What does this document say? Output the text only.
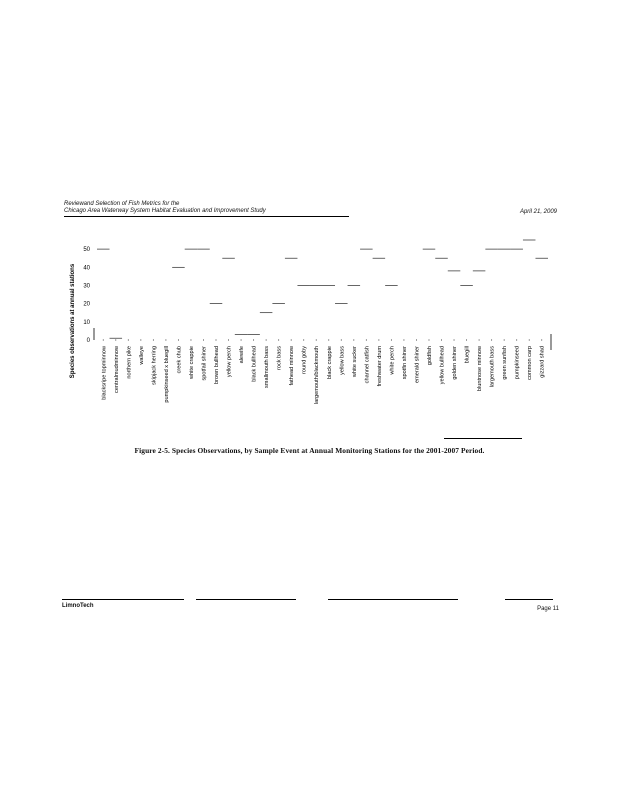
Reviewand Selection of Fish Metrics for the
Chicago Area Waterway System Habitat Evaluation and Improvement Study	April 21, 2009
0
10
20
30
40
50
Species observations at annual stations	blacksripe topminnow centralmudminnow northern pike walleye skipjack herring pumpkinseed x bluegill creek chub white crappie spotfail shiner brown bullhead yellow perch alewife black bullhead smallmouth bass rock bass fathead minnow round goby largemouth/blackmouth black crappie yellow bass white sucker channel catfish freshwater drum white perch spotfin shiner emerald shiner goldfish yellow bullhead golden shiner bluegill bluntnose minnow largemouth bass green sunfish pumpkinseed common carp gizzard shad
Figure 2-5. Species Observations, by Sample Event at Annual Monitoring Stations for the 2001-2007 Period.
LimnoTech	Page 11
